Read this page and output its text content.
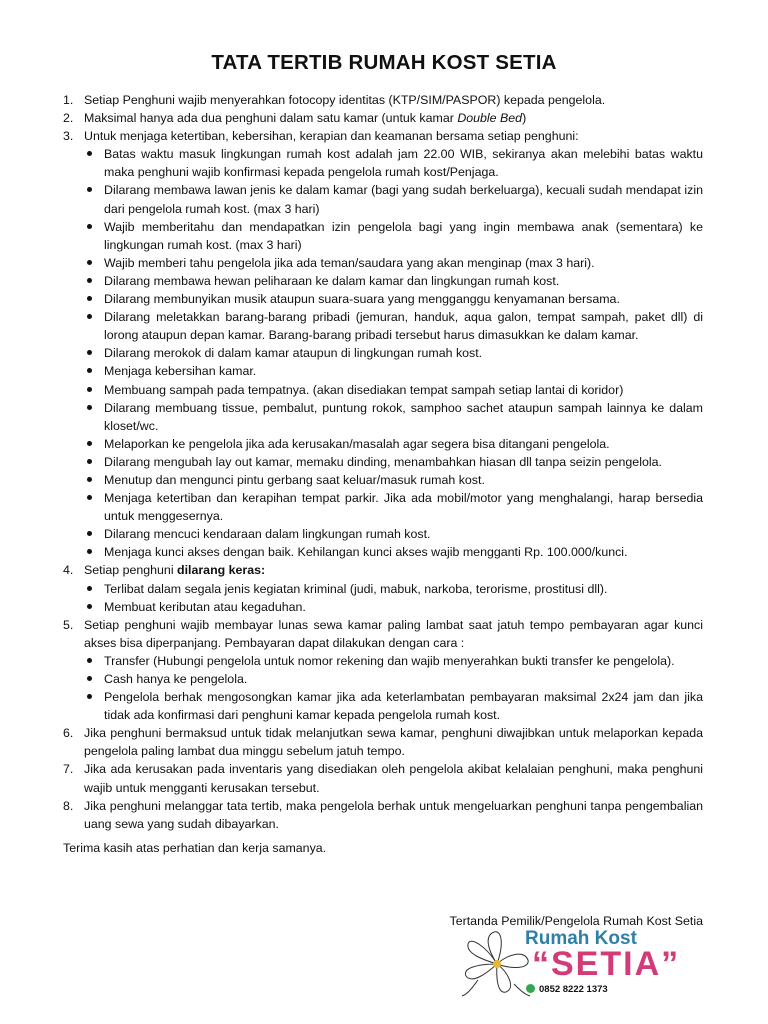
TATA TERTIB RUMAH KOST SETIA
1. Setiap Penghuni wajib menyerahkan fotocopy identitas (KTP/SIM/PASPOR) kepada pengelola.
2. Maksimal hanya ada dua penghuni dalam satu kamar (untuk kamar Double Bed)
3. Untuk menjaga ketertiban, kebersihan, kerapian dan keamanan bersama setiap penghuni:
Batas waktu masuk lingkungan rumah kost adalah jam 22.00 WIB, sekiranya akan melebihi batas waktu maka penghuni wajib konfirmasi kepada pengelola rumah kost/Penjaga.
Dilarang membawa lawan jenis ke dalam kamar (bagi yang sudah berkeluarga), kecuali sudah mendapat izin dari pengelola rumah kost. (max 3 hari)
Wajib memberitahu dan mendapatkan izin pengelola bagi yang ingin membawa anak (sementara) ke lingkungan rumah kost. (max 3 hari)
Wajib memberi tahu pengelola jika ada teman/saudara yang akan menginap (max 3 hari).
Dilarang membawa hewan peliharaan ke dalam kamar dan lingkungan rumah kost.
Dilarang membunyikan musik ataupun suara-suara yang mengganggu kenyamanan bersama.
Dilarang meletakkan barang-barang pribadi (jemuran, handuk, aqua galon, tempat sampah, paket dll) di lorong ataupun depan kamar. Barang-barang pribadi tersebut harus dimasukkan ke dalam kamar.
Dilarang merokok di dalam kamar ataupun di lingkungan rumah kost.
Menjaga kebersihan kamar.
Membuang sampah pada tempatnya. (akan disediakan tempat sampah setiap lantai di koridor)
Dilarang membuang tissue, pembalut, puntung rokok, samphoo sachet ataupun sampah lainnya ke dalam kloset/wc.
Melaporkan ke pengelola jika ada kerusakan/masalah agar segera bisa ditangani pengelola.
Dilarang mengubah lay out kamar, memaku dinding, menambahkan hiasan dll tanpa seizin pengelola.
Menutup dan mengunci pintu gerbang saat keluar/masuk rumah kost.
Menjaga ketertiban dan kerapihan tempat parkir. Jika ada mobil/motor yang menghalangi, harap bersedia untuk menggesernya.
Dilarang mencuci kendaraan dalam lingkungan rumah kost.
Menjaga kunci akses dengan baik. Kehilangan kunci akses wajib mengganti Rp. 100.000/kunci.
4. Setiap penghuni dilarang keras:
Terlibat dalam segala jenis kegiatan kriminal (judi, mabuk, narkoba, terorisme, prostitusi dll).
Membuat keributan atau kegaduhan.
5. Setiap penghuni wajib membayar lunas sewa kamar paling lambat saat jatuh tempo pembayaran agar kunci akses bisa diperpanjang. Pembayaran dapat dilakukan dengan cara :
Transfer (Hubungi pengelola untuk nomor rekening dan wajib menyerahkan bukti transfer ke pengelola).
Cash hanya ke pengelola.
Pengelola berhak mengosongkan kamar jika ada keterlambatan pembayaran maksimal 2x24 jam dan jika tidak ada konfirmasi dari penghuni kamar kepada pengelola rumah kost.
6. Jika penghuni bermaksud untuk tidak melanjutkan sewa kamar, penghuni diwajibkan untuk melaporkan kepada pengelola paling lambat dua minggu sebelum jatuh tempo.
7. Jika ada kerusakan pada inventaris yang disediakan oleh pengelola akibat kelalaian penghuni, maka penghuni wajib untuk mengganti kerusakan tersebut.
8. Jika penghuni melanggar tata tertib, maka pengelola berhak untuk mengeluarkan penghuni tanpa pengembalian uang sewa yang sudah dibayarkan.
Terima kasih atas perhatian dan kerja samanya.
Tertanda Pemilik/Pengelola Rumah Kost Setia
Rumah Kost
“SETIA”
0852 8222 1373
